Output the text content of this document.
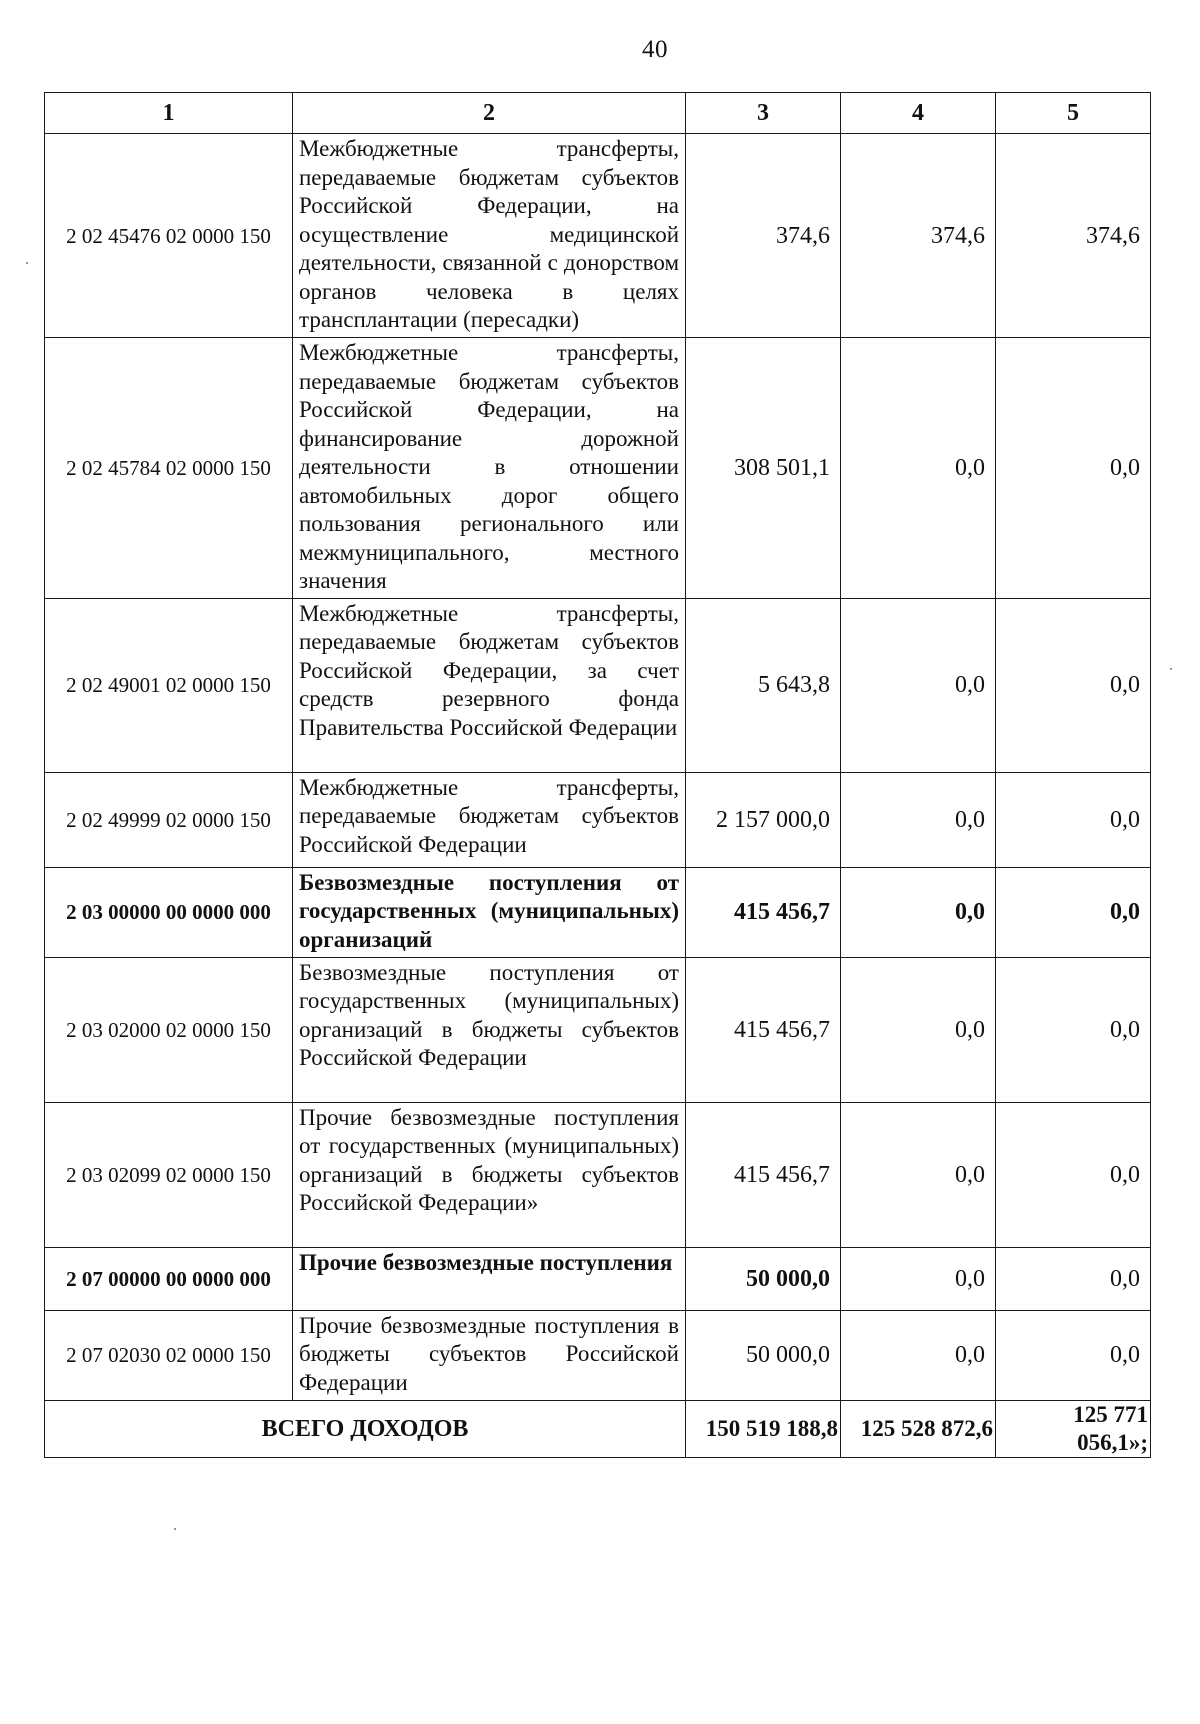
40
1	2	3	4	5
2 02 45476 02 0000 150	Межбюджетные трансферты, передаваемые бюджетам субъектов Российской Федерации, на осуществление медицинской деятельности, связанной с донорством органов человека в целях трансплантации (пересадки)	374,6	374,6	374,6
2 02 45784 02 0000 150	Межбюджетные трансферты, передаваемые бюджетам субъектов Российской Федерации, на финансирование дорожной деятельности в отношении автомобильных дорог общего пользования регионального или межмуниципального, местного значения	308 501,1	0,0	0,0
2 02 49001 02 0000 150	Межбюджетные трансферты, передаваемые бюджетам субъектов Российской Федерации, за счет средств резервного фонда Правительства Российской Федерации	5 643,8	0,0	0,0
2 02 49999 02 0000 150	Межбюджетные трансферты, передаваемые бюджетам субъектов Российской Федерации	2 157 000,0	0,0	0,0
2 03 00000 00 0000 000	Безвозмездные поступления от государственных (муниципальных) организаций	415 456,7	0,0	0,0
2 03 02000 02 0000 150	Безвозмездные поступления от государственных (муниципальных) организаций в бюджеты субъектов Российской Федерации	415 456,7	0,0	0,0
2 03 02099 02 0000 150	Прочие безвозмездные поступления от государственных (муниципальных) организаций в бюджеты субъектов Российской Федерации»	415 456,7	0,0	0,0
2 07 00000 00 0000 000	Прочие безвозмездные поступления	50 000,0	0,0	0,0
2 07 02030 02 0000 150	Прочие безвозмездные поступления в бюджеты субъектов Российской Федерации	50 000,0	0,0	0,0
ВСЕГО ДОХОДОВ		150 519 188,8	125 528 872,6	125 771 056,1»;
